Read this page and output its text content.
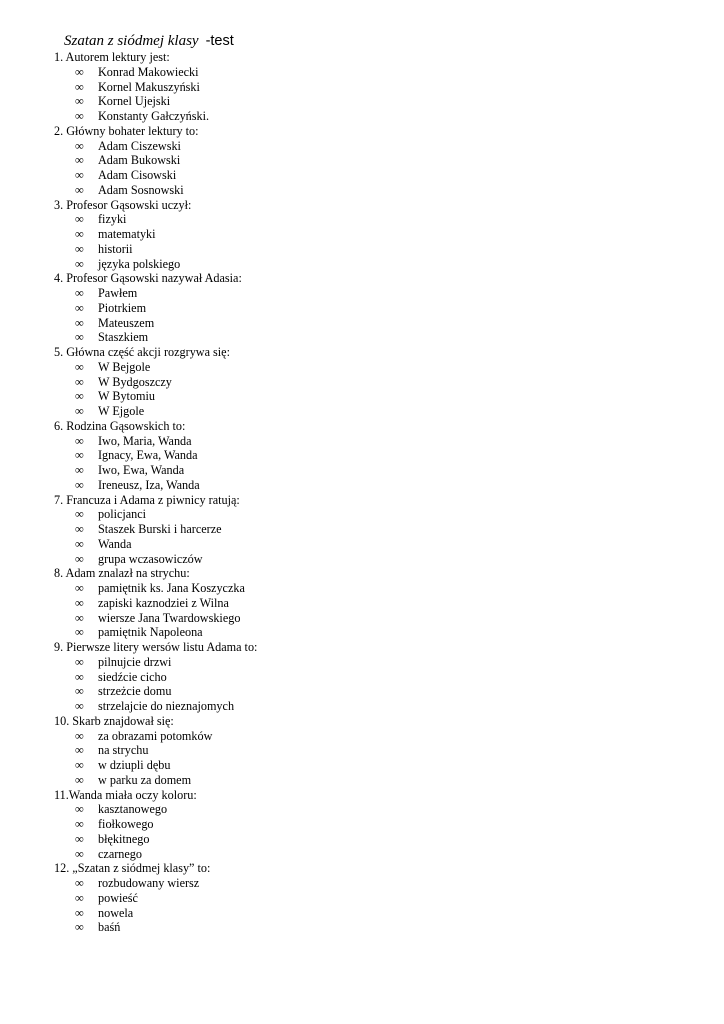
Szatan z siódmej klasy -test
1. Autorem lektury jest:
∞ Konrad Makowiecki
∞ Kornel Makuszyński
∞ Kornel Ujejski
∞ Konstanty Gałczyński.
2. Główny bohater lektury to:
∞ Adam Ciszewski
∞ Adam Bukowski
∞ Adam Cisowski
∞ Adam Sosnowski
3. Profesor Gąsowski uczył:
∞ fizyki
∞ matematyki
∞ historii
∞ języka polskiego
4. Profesor Gąsowski nazywał Adasia:
∞ Pawłem
∞ Piotrkiem
∞ Mateuszem
∞ Staszkiem
5. Główna część akcji rozgrywa się:
∞ W Bejgole
∞ W Bydgoszczy
∞ W Bytomiu
∞ W Ejgole
6. Rodzina Gąsowskich to:
∞ Iwo, Maria, Wanda
∞ Ignacy, Ewa, Wanda
∞ Iwo, Ewa, Wanda
∞ Ireneusz, Iza, Wanda
7. Francuza i Adama z piwnicy ratują:
∞ policjanci
∞ Staszek Burski i harcerze
∞ Wanda
∞ grupa wczasowiczów
8. Adam znalazł na strychu:
∞ pamiętnik ks. Jana Koszyczka
∞ zapiski kaznodziei z Wilna
∞ wiersze Jana Twardowskiego
∞ pamiętnik Napoleona
9. Pierwsze litery wersów listu Adama to:
∞ pilnujcie drzwi
∞ siedźcie cicho
∞ strzeżcie domu
∞ strzelajcie do nieznajomych
10. Skarb znajdował się:
∞ za obrazami potomków
∞ na strychu
∞ w dziupli dębu
∞ w parku za domem
11.Wanda miała oczy koloru:
∞ kasztanowego
∞ fiołkowego
∞ błękitnego
∞ czarnego
12. „Szatan z siódmej klasy” to:
∞ rozbudowany wiersz
∞ powieść
∞ nowela
∞ baśń
